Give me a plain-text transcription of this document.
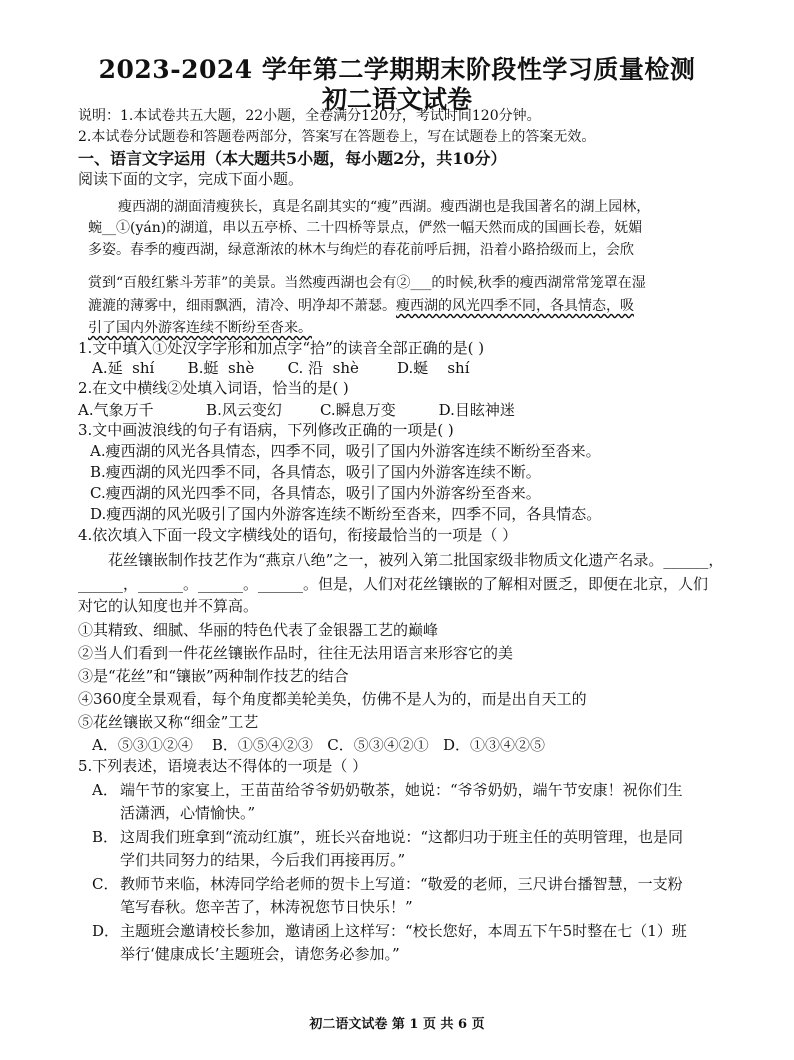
2023-2024 学年第二学期期末阶段性学习质量检测
初二语文试卷
说明：1.本试卷共五大题，22小题，全卷满分120分，考试时间120分钟。
2.本试卷分试题卷和答题卷两部分，答案写在答题卷上，写在试题卷上的答案无效。
一、语言文字运用（本大题共5小题，每小题2分，共10分）
阅读下面的文字，完成下面小题。
瘦西湖的湖面清瘦狭长，真是名副其实的“瘦”西湖。瘦西湖也是我国著名的湖上园林，
蜿__①(yán)的湖道，串以五亭桥、二十四桥等景点，俨然一幅天然而成的国画长卷，妩媚
多姿。春季的瘦西湖，绿意渐浓的林木与绚烂的春花前呼后拥，沿着小路拾级而上，会欣
赏到“百般红紫斗芳菲”的美景。当然瘦西湖也会有②___的时候,秋季的瘦西湖常常笼罩在湿
漉漉的薄雾中，细雨飘洒，清冷、明净却不萧瑟。瘦西湖的风光四季不同，各具情态，吸
引了国内外游客连续不断纷至沓来。
1.文中填入①处汉字字形和加点字“拾”的读音全部正确的是( )
A.延  shí       B.蜓  shè       C. 沿  shè        D.蜒    shí
2.在文中横线②处填入词语，恰当的是( )
A.气象万千           B.风云变幻        C.瞬息万变         D.目眩神迷
3.文中画波浪线的句子有语病，下列修改正确的一项是( )
A.瘦西湖的风光各具情态，四季不同，吸引了国内外游客连续不断纷至沓来。
B.瘦西湖的风光四季不同，各具情态，吸引了国内外游客连续不断。
C.瘦西湖的风光四季不同，各具情态，吸引了国内外游客纷至沓来。
D.瘦西湖的风光吸引了国内外游客连续不断纷至沓来，四季不同，各具情态。
4.依次填入下面一段文字横线处的语句，衔接最恰当的一项是（ ）
花丝镶嵌制作技艺作为“燕京八绝”之一，被列入第二批国家级非物质文化遗产名录。______，
______，______。______。______。但是，人们对花丝镶嵌的了解相对匮乏，即便在北京，人们
对它的认知度也并不算高。
①其精致、细腻、华丽的特色代表了金银器工艺的巅峰
②当人们看到一件花丝镶嵌作品时，往往无法用语言来形容它的美
③是“花丝”和“镶嵌”两种制作技艺的结合
④360度全景观看，每个角度都美轮美奂，仿佛不是人为的，而是出自天工的
⑤花丝镶嵌又称“细金”工艺
A．⑤③①②④    B．①⑤④②③   C．⑤③④②①   D．①③④②⑤
5.下列表述，语境表达不得体的一项是（ ）
A． 端午节的家宴上，王苗苗给爷爷奶奶敬茶，她说：“爷爷奶奶，端午节安康！祝你们生
活潇洒，心情愉快。”
B． 这周我们班拿到“流动红旗”，班长兴奋地说：“这都归功于班主任的英明管理，也是同
学们共同努力的结果，今后我们再接再厉。”
C． 教师节来临，林涛同学给老师的贺卡上写道：“敬爱的老师，三尺讲台播智慧，一支粉
笔写春秋。您辛苦了，林涛祝您节日快乐！”
D． 主题班会邀请校长参加，邀请函上这样写：“校长您好，本周五下午5时整在七（1）班
举行‘健康成长’主题班会，请您务必参加。”
初二语文试卷 第 1 页 共 6 页
